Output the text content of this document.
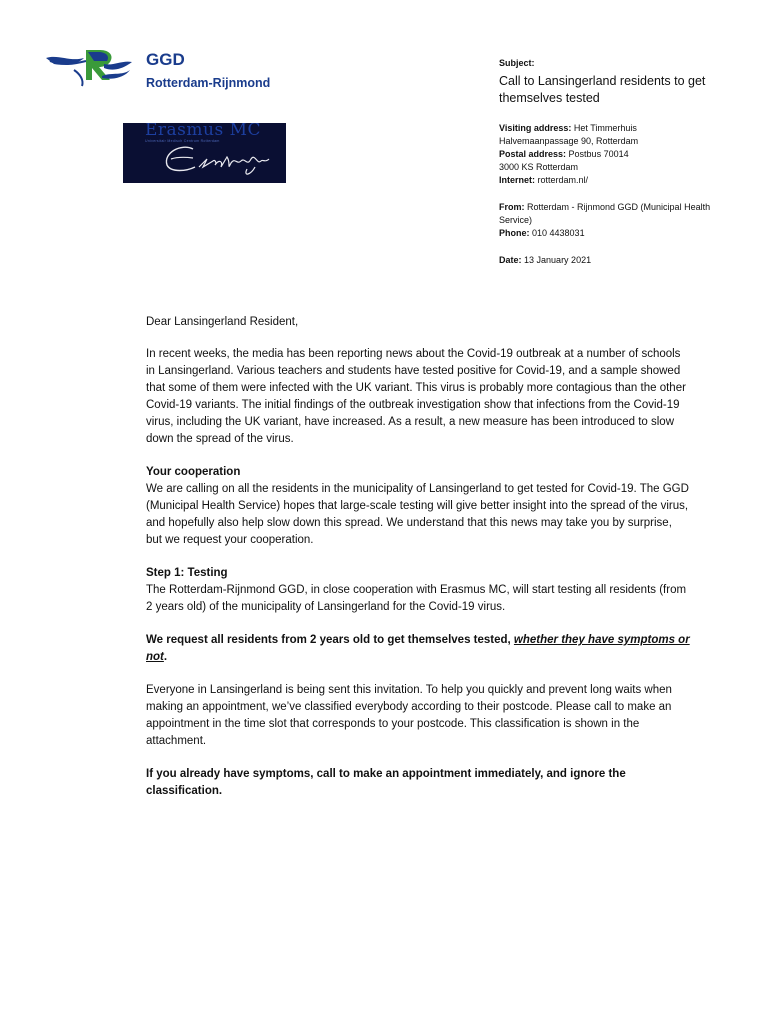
GGD
Rotterdam-Rijnmond
Erasmus MC
Universitair Medisch Centrum Rotterdam
Subject:
Call to Lansingerland residents to get themselves tested
Visiting address: Het Timmerhuis
Halvemaanpassage 90, Rotterdam
Postal address: Postbus 70014
3000 KS Rotterdam
Internet: rotterdam.nl/
From: Rotterdam - Rijnmond GGD (Municipal Health Service)
Phone: 010 4438031
Date: 13 January 2021

Dear Lansingerland Resident,

In recent weeks, the media has been reporting news about the Covid-19 outbreak at a number of schools in Lansingerland. Various teachers and students have tested positive for Covid-19, and a sample showed that some of them were infected with the UK variant. This virus is probably more contagious than the other Covid-19 variants. The initial findings of the outbreak investigation show that infections from the Covid-19 virus, including the UK variant, have increased. As a result, a new measure has been introduced to slow down the spread of the virus.

Your cooperation

We are calling on all the residents in the municipality of Lansingerland to get tested for Covid-19. The GGD (Municipal Health Service) hopes that large-scale testing will give better insight into the spread of the virus, and hopefully also help slow down this spread. We understand that this news may take you by surprise, but we request your cooperation.

Step 1: Testing

The Rotterdam-Rijnmond GGD, in close cooperation with Erasmus MC, will start testing all residents (from 2 years old) of the municipality of Lansingerland for the Covid-19 virus.

We request all residents from 2 years old to get themselves tested, whether they have symptoms or not.

Everyone in Lansingerland is being sent this invitation. To help you quickly and prevent long waits when making an appointment, we’ve classified everybody according to their postcode. Please call to make an appointment in the time slot that corresponds to your postcode. This classification is shown in the attachment.

If you already have symptoms, call to make an appointment immediately, and ignore the classification.
